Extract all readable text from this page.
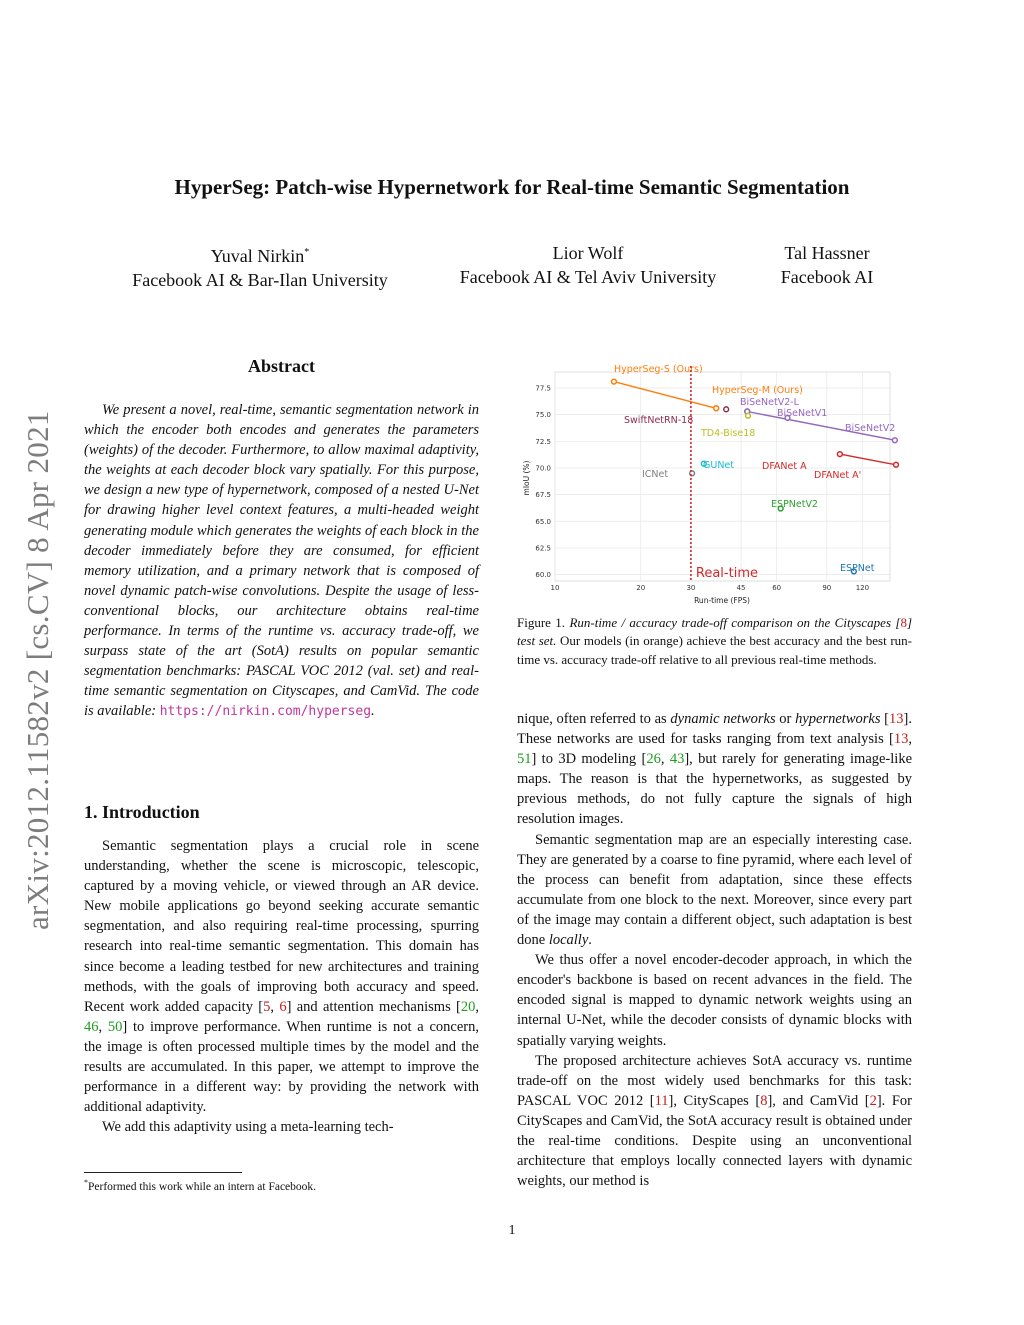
arXiv:2012.11582v2 [cs.CV] 8 Apr 2021
HyperSeg: Patch-wise Hypernetwork for Real-time Semantic Segmentation
Yuval Nirkin*
Facebook AI & Bar-Ilan University
Lior Wolf
Facebook AI & Tel Aviv University
Tal Hassner
Facebook AI
Abstract

We present a novel, real-time, semantic segmentation network in which the encoder both encodes and generates the parameters (weights) of the decoder. Furthermore, to allow maximal adaptivity, the weights at each decoder block vary spatially. For this purpose, we design a new type of hypernetwork, composed of a nested U-Net for drawing higher level context features, a multi-headed weight generating module which generates the weights of each block in the decoder immediately before they are consumed, for efficient memory utilization, and a primary network that is composed of novel dynamic patch-wise convolutions. Despite the usage of less-conventional blocks, our architecture obtains real-time performance. In terms of the runtime vs. accuracy trade-off, we surpass state of the art (SotA) results on popular semantic segmentation benchmarks: PASCAL VOC 2012 (val. set) and real-time semantic segmentation on Cityscapes, and CamVid. The code is available: https://nirkin.com/hyperseg.

1. Introduction

Semantic segmentation plays a crucial role in scene understanding, whether the scene is microscopic, telescopic, captured by a moving vehicle, or viewed through an AR device. New mobile applications go beyond seeking accurate semantic segmentation, and also requiring real-time processing, spurring research into real-time semantic segmentation. This domain has since become a leading testbed for new architectures and training methods, with the goals of improving both accuracy and speed. Recent work added capacity [5, 6] and attention mechanisms [20, 46, 50] to improve performance. When runtime is not a concern, the image is often processed multiple times by the model and the results are accumulated. In this paper, we attempt to improve the performance in a different way: by providing the network with additional adaptivity.

We add this adaptivity using a meta-learning tech-

*Performed this work while an intern at Facebook.
10	20	30	45	60	90	120
60.0
62.5
65.0
67.5
70.0
72.5
75.0
77.5
HyperSeg-S (Ours)
HyperSeg-M (Ours)
BiSeNetV2-L
BiSeNetV1
SwiftNetRN-18
BiSeNetV2
TD4-Bise18
GUNet	DFANet A
ICNet	DFANet A'
ESPNetV2
ESPNet
Real-time
Run-time (FPS)
mIoU (%)
Figure 1. Run-time / accuracy trade-off comparison on the Cityscapes [8] test set. Our models (in orange) achieve the best accuracy and the best run-time vs. accuracy trade-off relative to all previous real-time methods.

nique, often referred to as dynamic networks or hypernetworks [13]. These networks are used for tasks ranging from text analysis [13, 51] to 3D modeling [26, 43], but rarely for generating image-like maps. The reason is that the hypernetworks, as suggested by previous methods, do not fully capture the signals of high resolution images.

Semantic segmentation map are an especially interesting case. They are generated by a coarse to fine pyramid, where each level of the process can benefit from adaptation, since these effects accumulate from one block to the next. Moreover, since every part of the image may contain a different object, such adaptation is best done locally.

We thus offer a novel encoder-decoder approach, in which the encoder's backbone is based on recent advances in the field. The encoded signal is mapped to dynamic network weights using an internal U-Net, while the decoder consists of dynamic blocks with spatially varying weights.

The proposed architecture achieves SotA accuracy vs. runtime trade-off on the most widely used benchmarks for this task: PASCAL VOC 2012 [11], CityScapes [8], and CamVid [2]. For CityScapes and CamVid, the SotA accuracy result is obtained under the real-time conditions. Despite using an unconventional architecture that employs locally connected layers with dynamic weights, our method is

1
